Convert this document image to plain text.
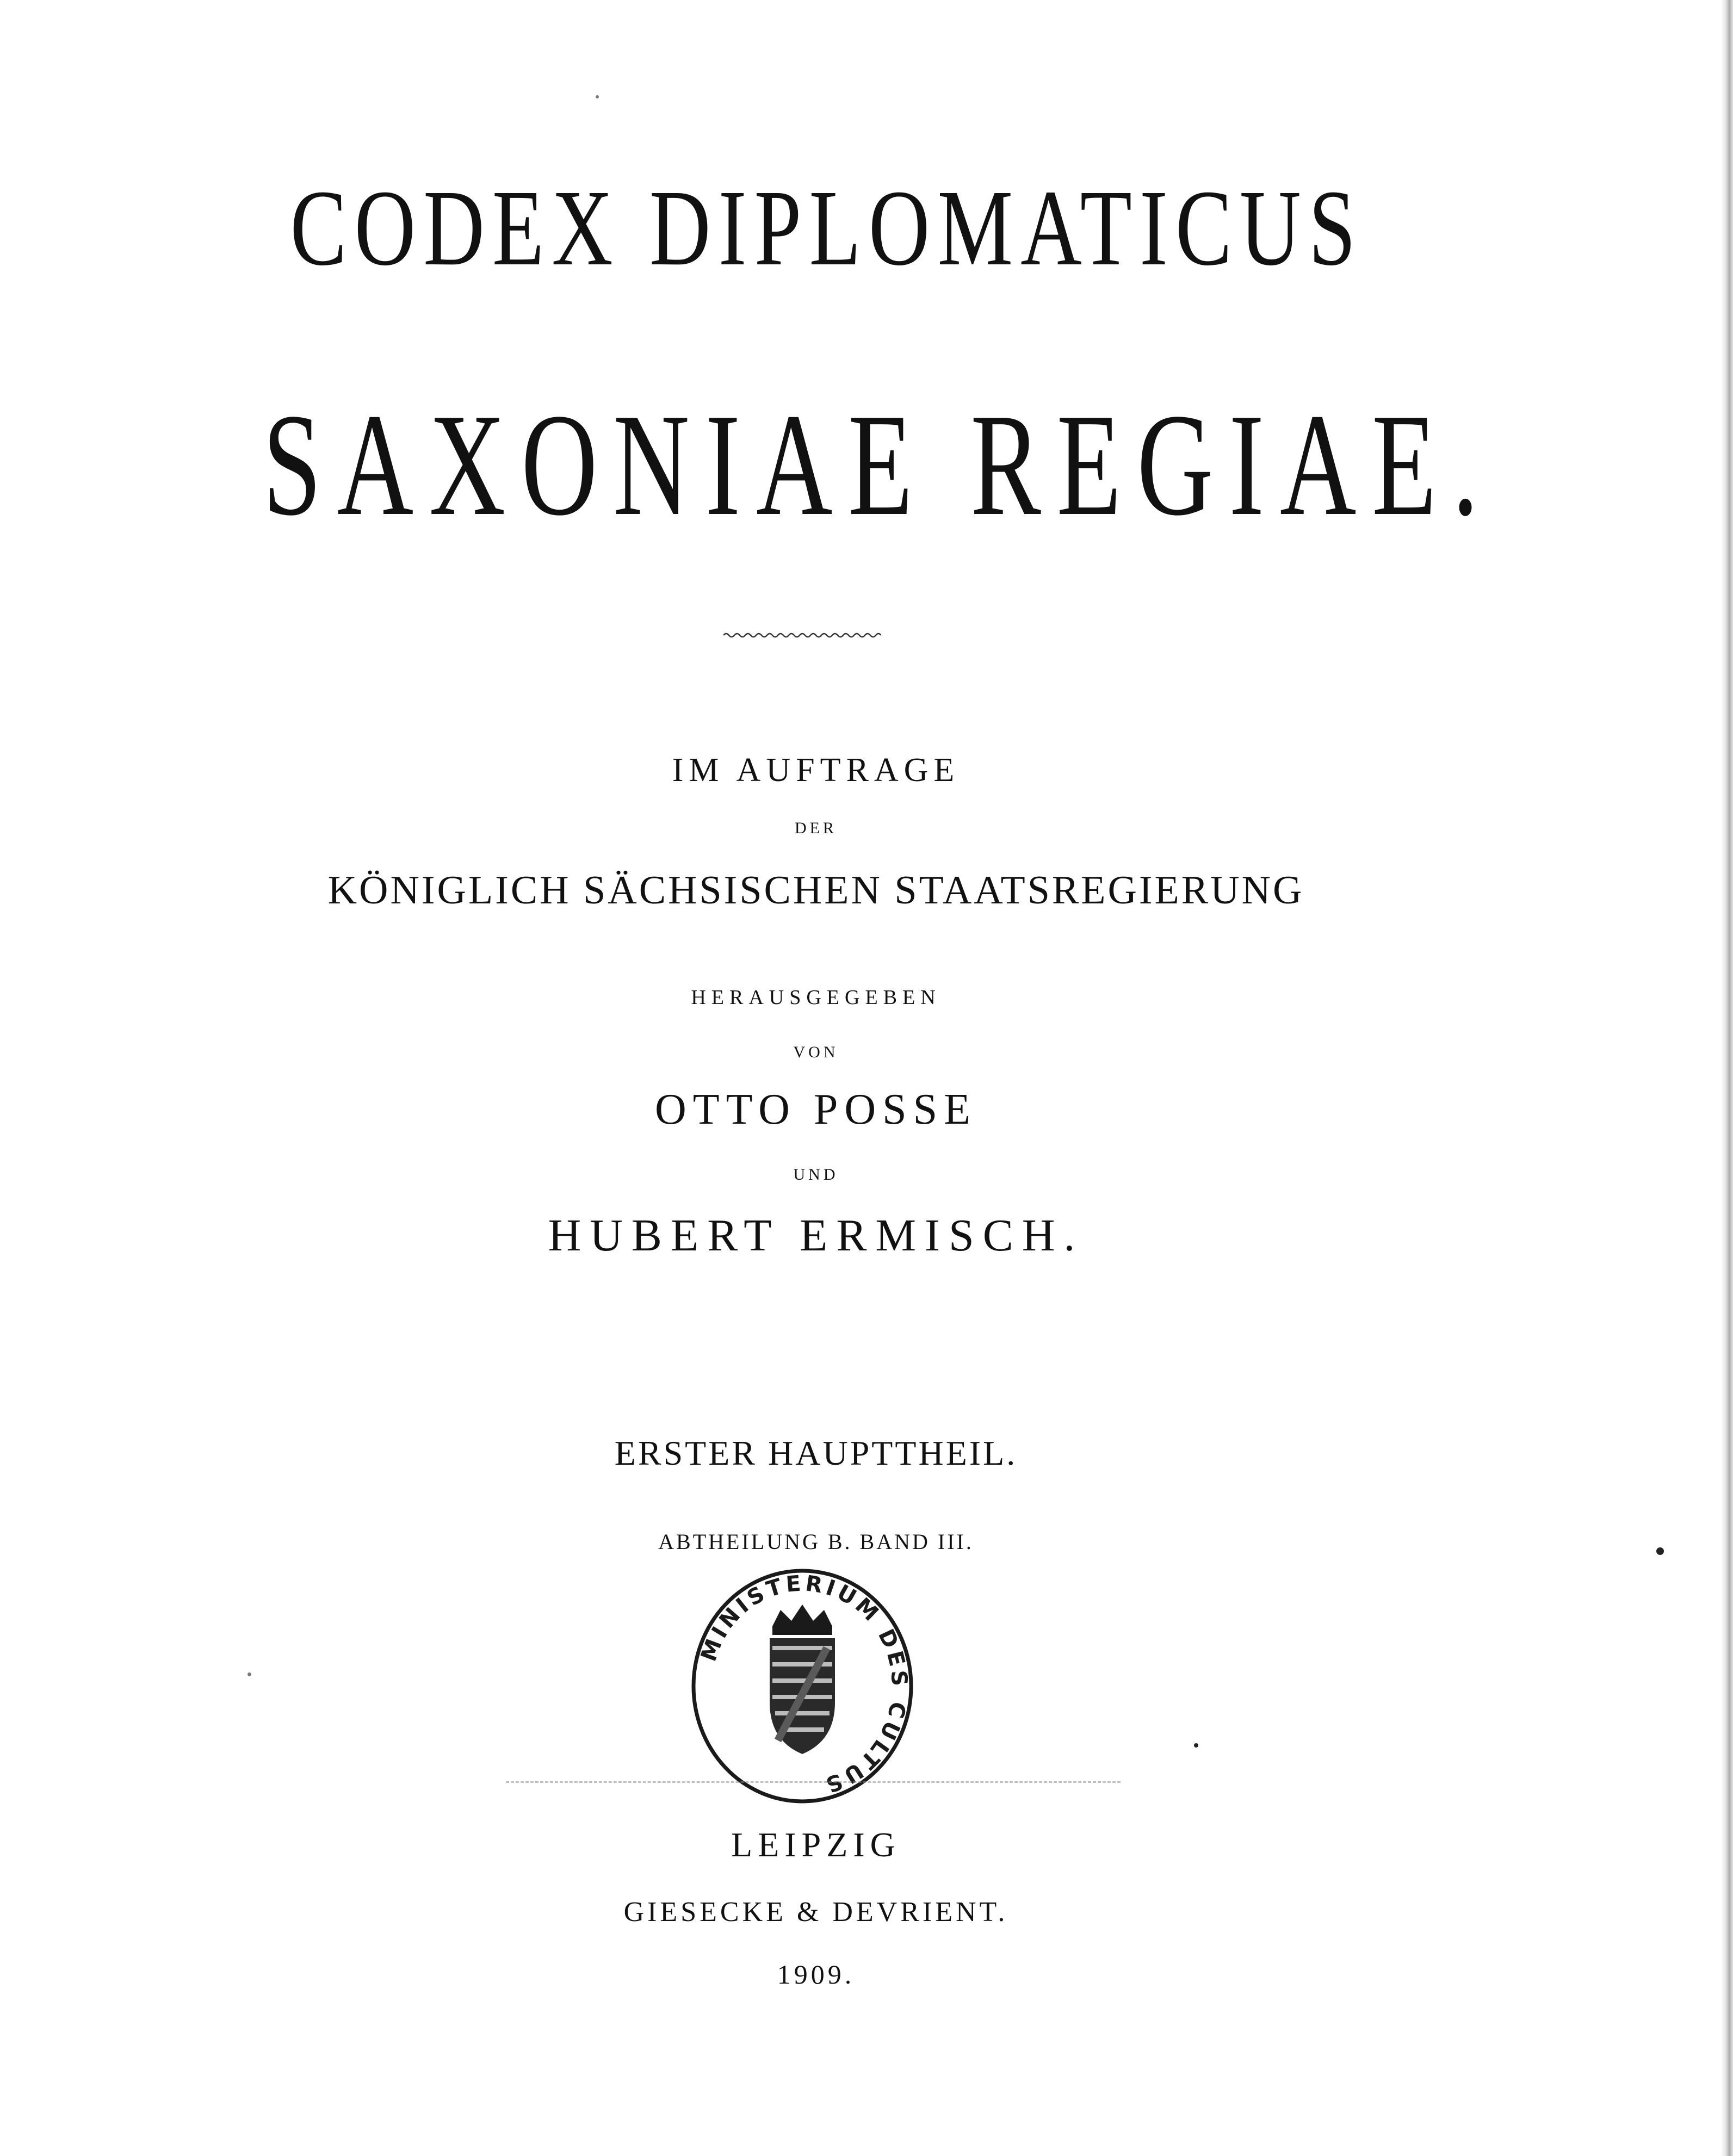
CODEX DIPLOMATICUS
SAXONIAE REGIAE.
IM AUFTRAGE
DER
KÖNIGLICH SÄCHSISCHEN STAATSREGIERUNG
HERAUSGEGEBEN
VON
OTTO POSSE
UND
HUBERT ERMISCH.
ERSTER HAUPTTHEIL.
ABTHEILUNG B. BAND III.
MINISTERIUM DES CULTUS
LEIPZIG
GIESECKE & DEVRIENT.
1909.
